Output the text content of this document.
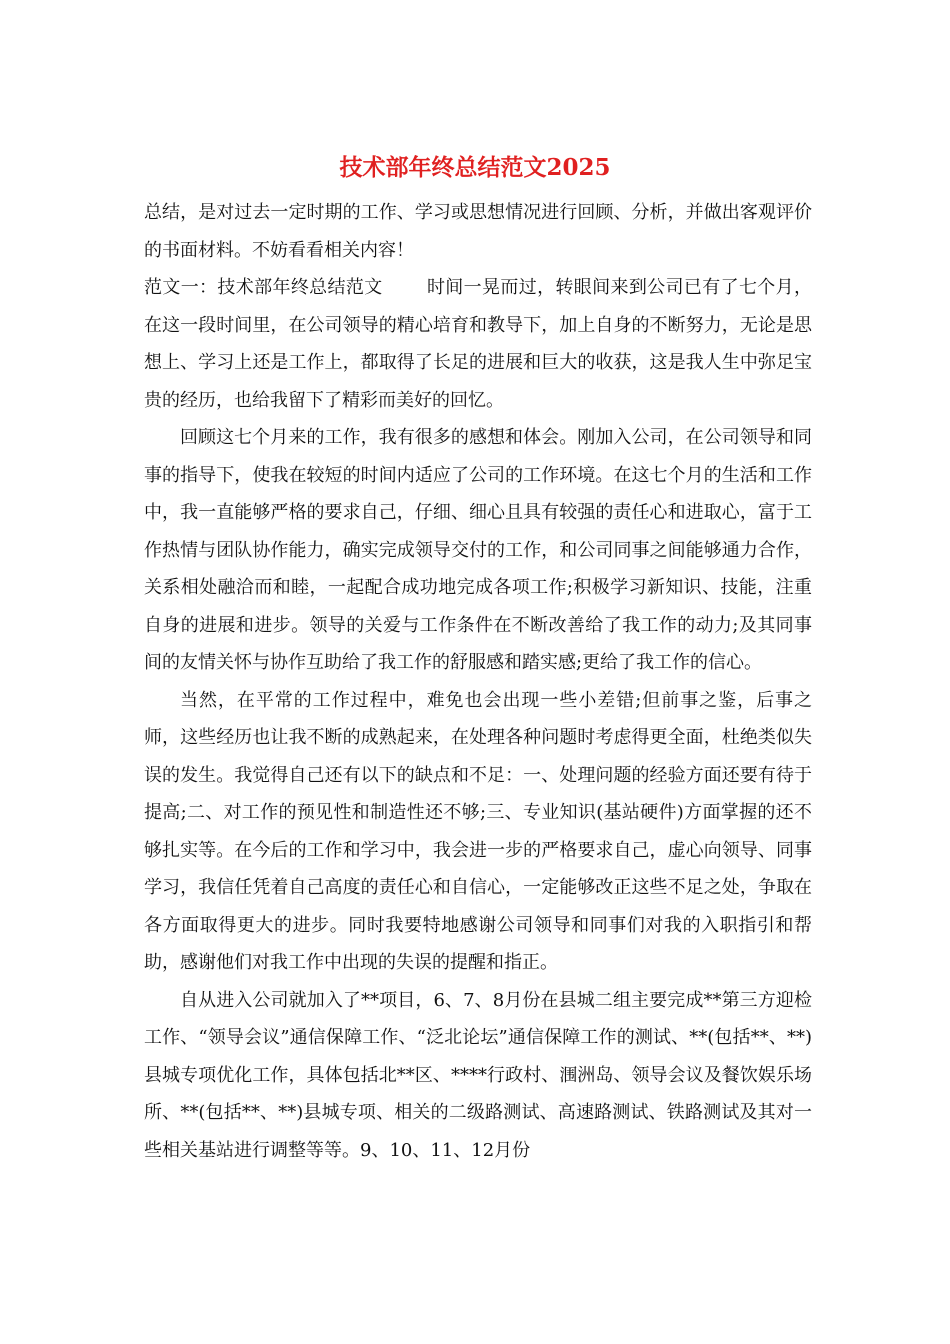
技术部年终总结范文2025

总结，是对过去一定时期的工作、学习或思想情况进行回顾、分析，并做出客观评价的书面材料。不妨看看相关内容！

范文一：技术部年终总结范文 时间一晃而过，转眼间来到公司已有了七个月，在这一段时间里，在公司领导的精心培育和教导下，加上自身的不断努力，无论是思想上、学习上还是工作上，都取得了长足的进展和巨大的收获，这是我人生中弥足宝贵的经历，也给我留下了精彩而美好的回忆。

回顾这七个月来的工作，我有很多的感想和体会。刚加入公司，在公司领导和同事的指导下，使我在较短的时间内适应了公司的工作环境。在这七个月的生活和工作中，我一直能够严格的要求自己，仔细、细心且具有较强的责任心和进取心，富于工作热情与团队协作能力，确实完成领导交付的工作，和公司同事之间能够通力合作，关系相处融洽而和睦，一起配合成功地完成各项工作;积极学习新知识、技能，注重自身的进展和进步。领导的关爱与工作条件在不断改善给了我工作的动力;及其同事间的友情关怀与协作互助给了我工作的舒服感和踏实感;更给了我工作的信心。

当然，在平常的工作过程中，难免也会出现一些小差错;但前事之鉴，后事之师，这些经历也让我不断的成熟起来，在处理各种问题时考虑得更全面，杜绝类似失误的发生。我觉得自己还有以下的缺点和不足：一、处理问题的经验方面还要有待于提高;二、对工作的预见性和制造性还不够;三、专业知识(基站硬件)方面掌握的还不够扎实等。在今后的工作和学习中，我会进一步的严格要求自己，虚心向领导、同事学习，我信任凭着自己高度的责任心和自信心，一定能够改正这些不足之处，争取在各方面取得更大的进步。同时我要特地感谢公司领导和同事们对我的入职指引和帮助，感谢他们对我工作中出现的失误的提醒和指正。

自从进入公司就加入了**项目，6、7、8月份在县城二组主要完成**第三方迎检工作、“领导会议”通信保障工作、“泛北论坛”通信保障工作的测试、**(包括**、**)县城专项优化工作，具体包括北**区、****行政村、涠洲岛、领导会议及餐饮娱乐场所、**(包括**、**)县城专项、相关的二级路测试、高速路测试、铁路测试及其对一些相关基站进行调整等等。9、10、11、12月份
